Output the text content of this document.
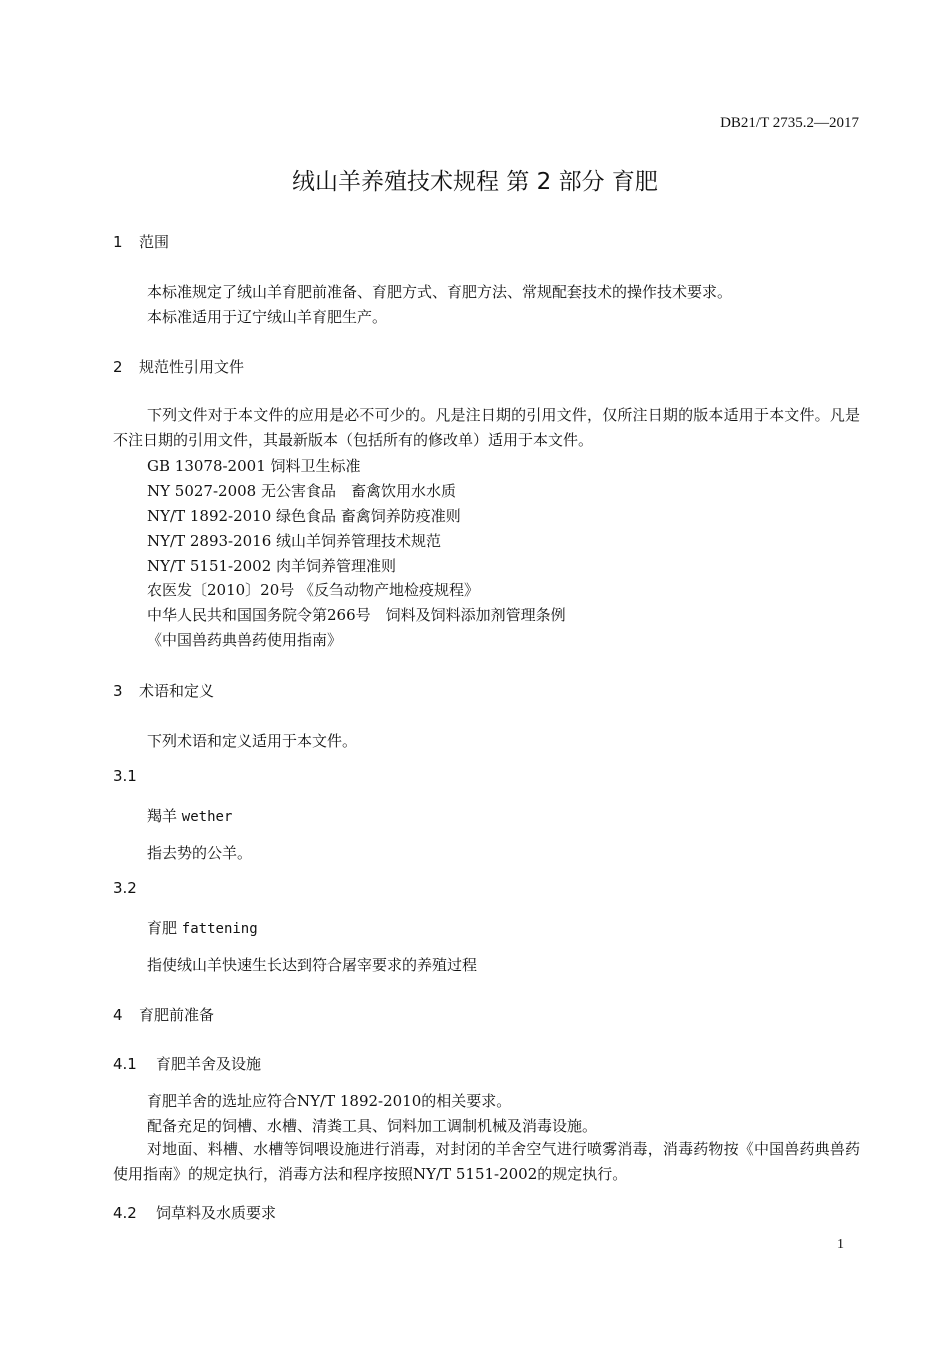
DB21/T 2735.2—2017
绒山羊养殖技术规程 第 2 部分 育肥
1 范围
本标准规定了绒山羊育肥前准备、育肥方式、育肥方法、常规配套技术的操作技术要求。
本标准适用于辽宁绒山羊育肥生产。
2 规范性引用文件
下列文件对于本文件的应用是必不可少的。凡是注日期的引用文件，仅所注日期的版本适用于本文件。凡是不注日期的引用文件，其最新版本（包括所有的修改单）适用于本文件。
GB 13078-2001 饲料卫生标准
NY 5027-2008 无公害食品　畜禽饮用水水质
NY/T 1892-2010 绿色食品 畜禽饲养防疫准则
NY/T 2893-2016 绒山羊饲养管理技术规范
NY/T 5151-2002 肉羊饲养管理准则
农医发〔2010〕20号 《反刍动物产地检疫规程》
中华人民共和国国务院令第266号　饲料及饲料添加剂管理条例
《中国兽药典兽药使用指南》
3 术语和定义
下列术语和定义适用于本文件。
3.1
羯羊 wether
指去势的公羊。
3.2
育肥 fattening
指使绒山羊快速生长达到符合屠宰要求的养殖过程
4 育肥前准备
4.1 育肥羊舍及设施
育肥羊舍的选址应符合NY/T 1892-2010的相关要求。
配备充足的饲槽、水槽、清粪工具、饲料加工调制机械及消毒设施。
对地面、料槽、水槽等饲喂设施进行消毒，对封闭的羊舍空气进行喷雾消毒，消毒药物按《中国兽药典兽药使用指南》的规定执行，消毒方法和程序按照NY/T 5151-2002的规定执行。
4.2 饲草料及水质要求
1
